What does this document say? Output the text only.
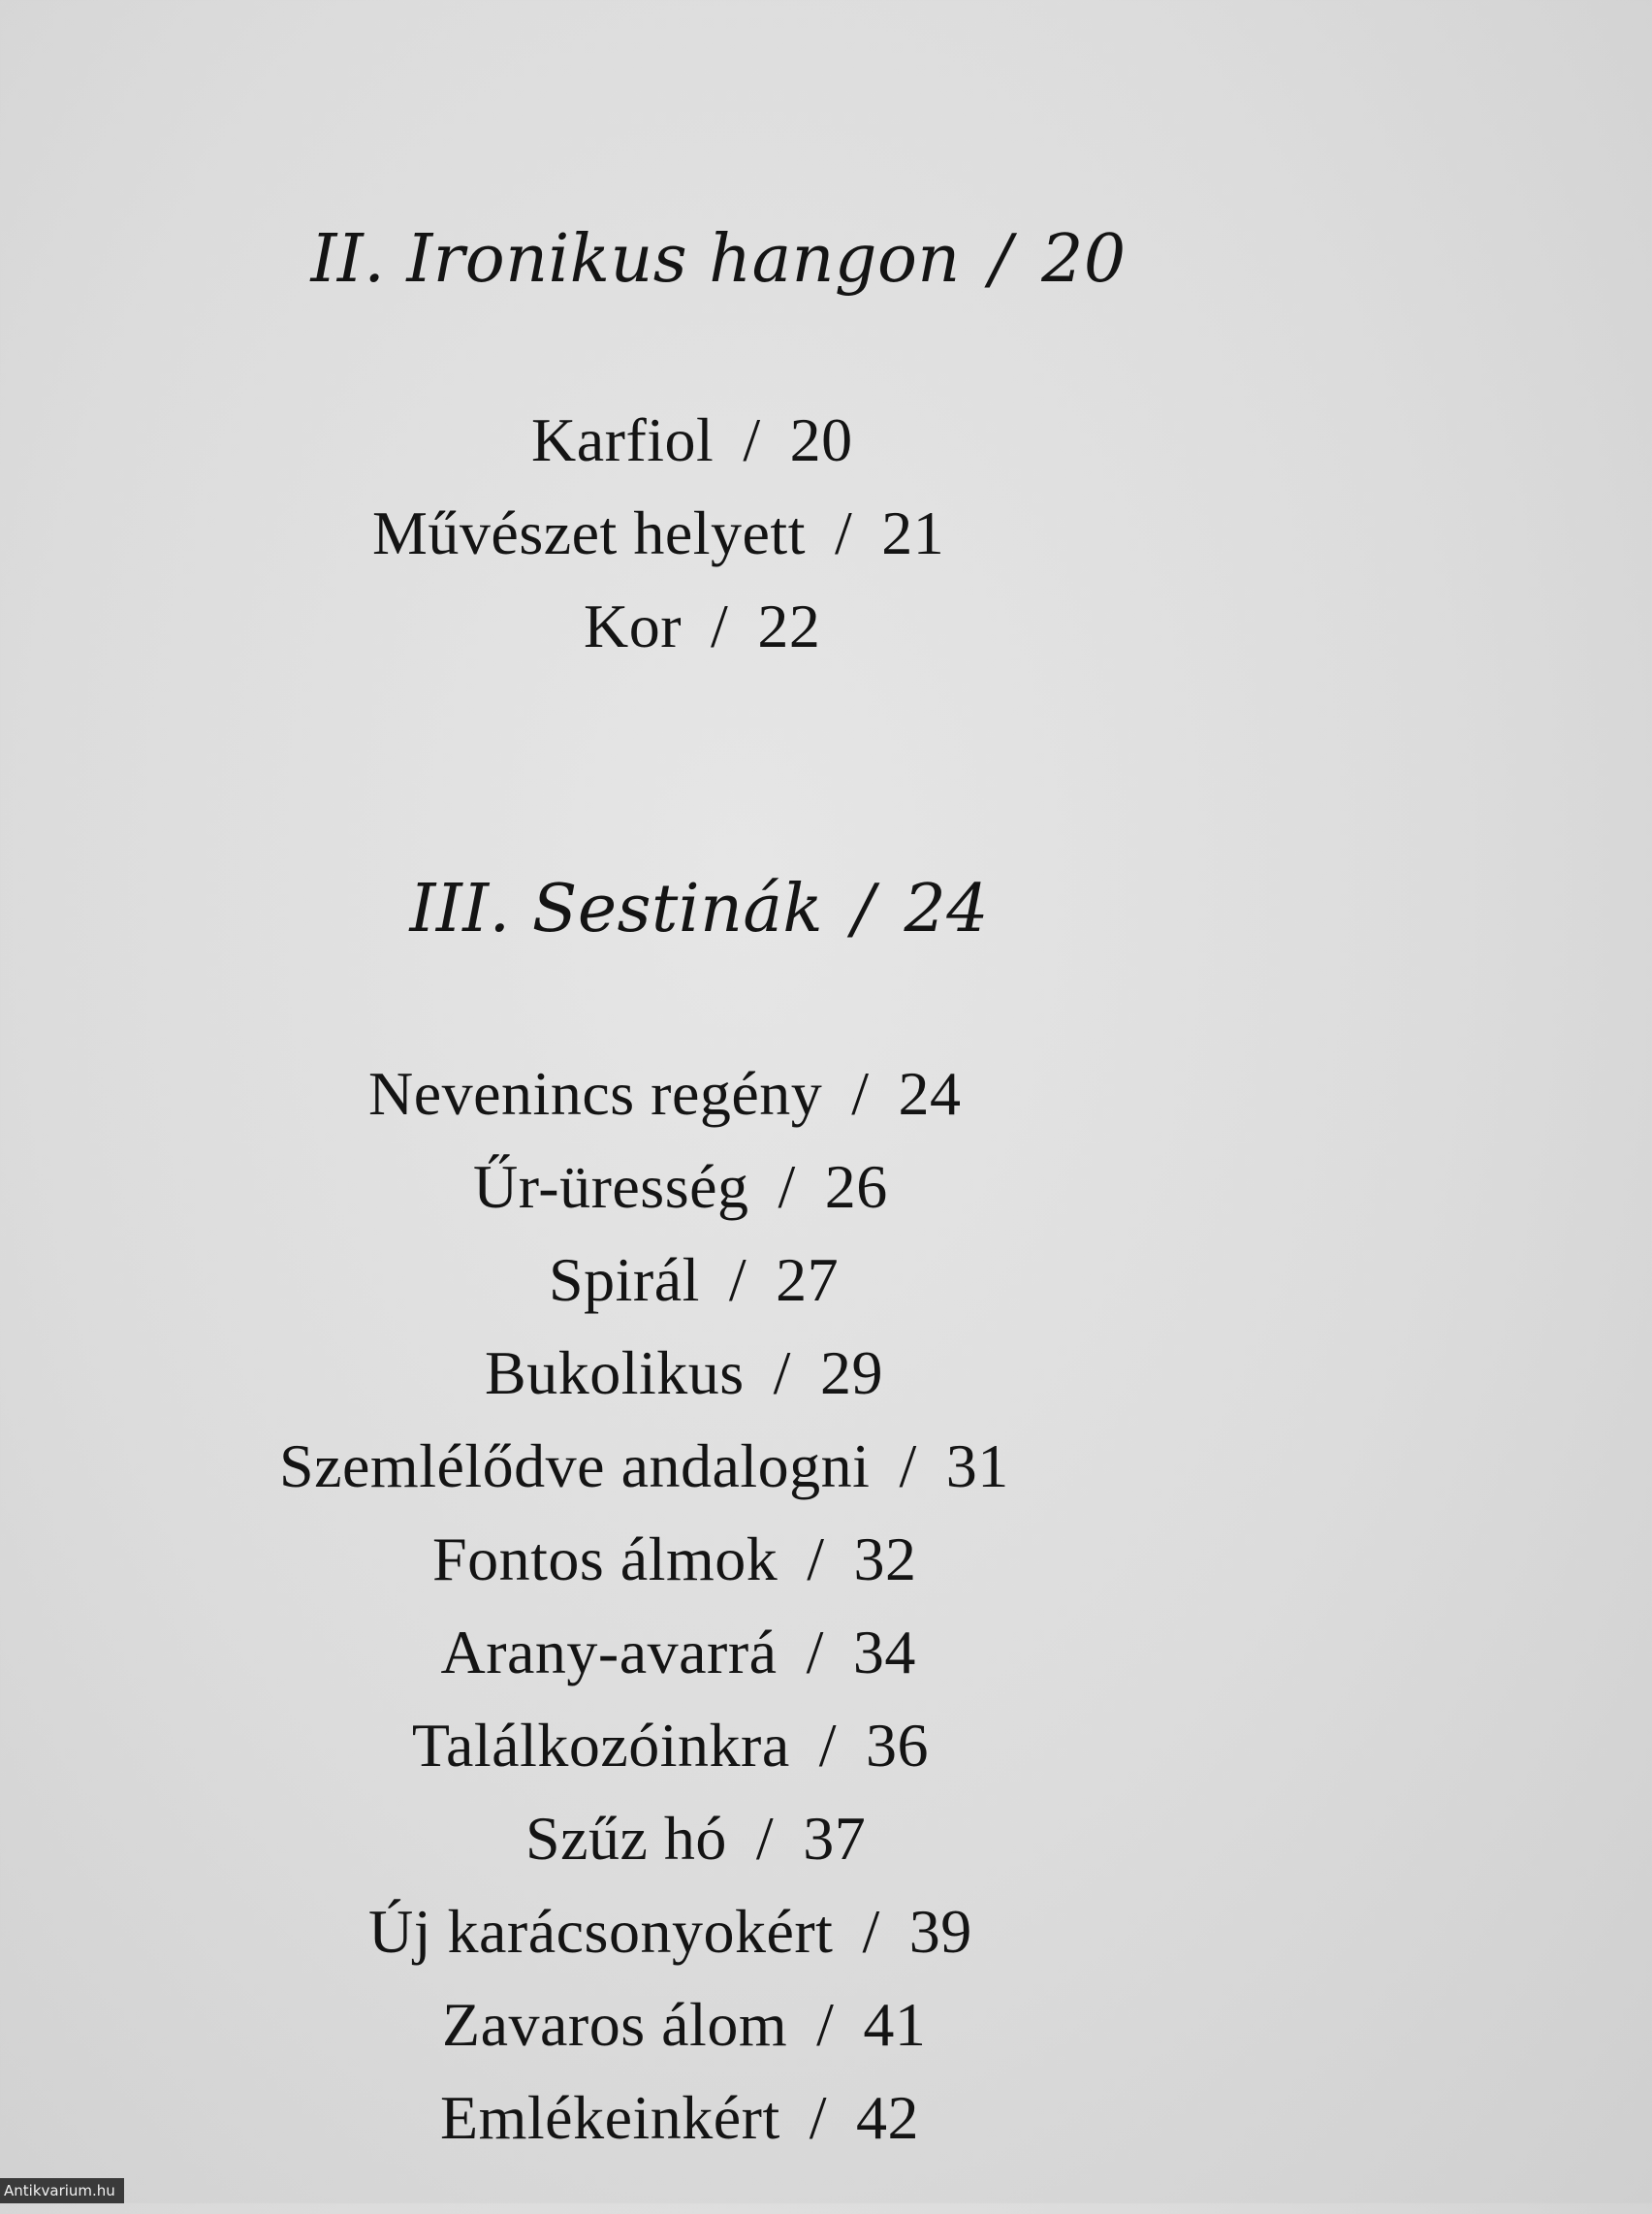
II. Ironikus hangon / 20

Karfiol / 20

Művészet helyett / 21

Kor / 22

III. Sestinák / 24

Nevenincs regény / 24

Űr-üresség / 26

Spirál / 27

Bukolikus / 29

Szemlélődve andalogni / 31

Fontos álmok / 32

Arany-avarrá / 34

Találkozóinkra / 36

Szűz hó / 37

Új karácsonyokért / 39

Zavaros álom / 41

Emlékeinkért / 42

Antikvarium.hu
